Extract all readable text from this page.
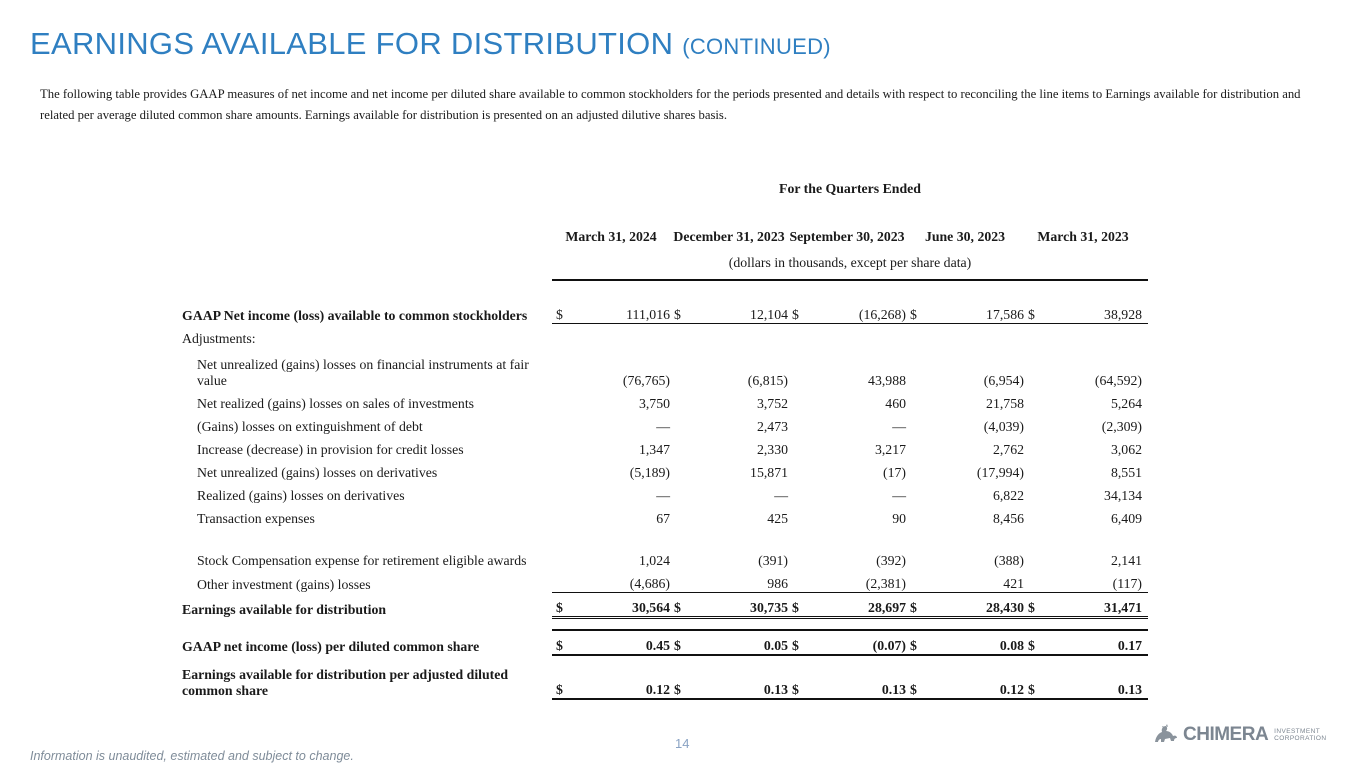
EARNINGS AVAILABLE FOR DISTRIBUTION (CONTINUED)
The following table provides GAAP measures of net income and net income per diluted share available to common stockholders for the periods presented and details with respect to reconciling the line items to Earnings available for distribution and related per average diluted common share amounts. Earnings available for distribution is presented on an adjusted dilutive shares basis.
	For the Quarters Ended										
	March 31, 2024		December 31, 2023		September 30, 2023		June 30, 2023		March 31, 2023		
	(dollars in thousands, except per share data)										
GAAP Net income (loss) available to common stockholders	$	111,016	$	12,104	$	(16,268)	$	17,586	$	38,928	
Adjustments:											
Net unrealized (gains) losses on financial instruments at fair value		(76,765)		(6,815)		43,988		(6,954)		(64,592)	
Net realized (gains) losses on sales of investments		3,750		3,752		460		21,758		5,264	
(Gains) losses on extinguishment of debt		—		2,473		—		(4,039)		(2,309)	
Increase (decrease) in provision for credit losses		1,347		2,330		3,217		2,762		3,062	
Net unrealized (gains) losses on derivatives		(5,189)		15,871		(17)		(17,994)		8,551	
Realized (gains) losses on derivatives		—		—		—		6,822		34,134	
Transaction expenses		67		425		90		8,456		6,409	
Stock Compensation expense for retirement eligible awards		1,024		(391)		(392)		(388)		2,141	
Other investment (gains) losses		(4,686)		986		(2,381)		421		(117)	
Earnings available for distribution	$	30,564	$	30,735	$	28,697	$	28,430	$	31,471	

GAAP net income (loss) per diluted common share	$	0.45	$	0.05	$	(0.07)	$	0.08	$	0.17	
Earnings available for distribution per adjusted diluted common share	$	0.12	$	0.13	$	0.13	$	0.12	$	0.13	
14
Information is unaudited, estimated and subject to change.
CHIMERA INVESTMENT
CORPORATION
